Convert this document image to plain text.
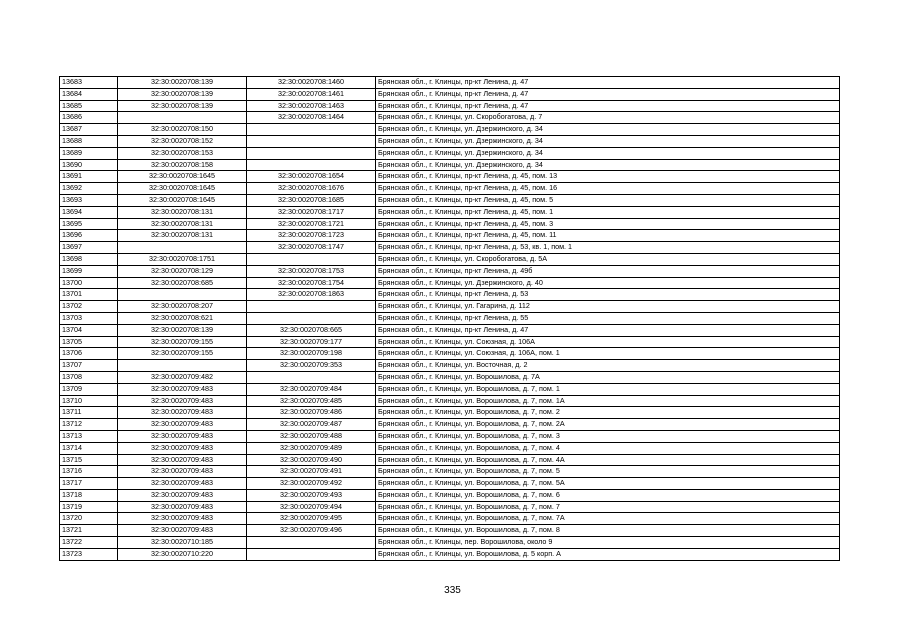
13683	32:30:0020708:139	32:30:0020708:1460	Брянская обл., г. Клинцы, пр-кт Ленина, д. 47
13684	32:30:0020708:139	32:30:0020708:1461	Брянская обл., г. Клинцы, пр-кт Ленина, д. 47
13685	32:30:0020708:139	32:30:0020708:1463	Брянская обл., г. Клинцы, пр-кт Ленина, д. 47
13686		32:30:0020708:1464	Брянская обл., г. Клинцы, ул. Скоробогатова, д. 7
13687	32:30:0020708:150		Брянская обл., г. Клинцы, ул. Дзержинского, д. 34
13688	32:30:0020708:152		Брянская обл., г. Клинцы, ул. Дзержинского, д. 34
13689	32:30:0020708:153		Брянская обл., г. Клинцы, ул. Дзержинского, д. 34
13690	32:30:0020708:158		Брянская обл., г. Клинцы, ул. Дзержинского, д. 34
13691	32:30:0020708:1645	32:30:0020708:1654	Брянская обл., г. Клинцы, пр-кт Ленина, д. 45, пом. 13
13692	32:30:0020708:1645	32:30:0020708:1676	Брянская обл., г. Клинцы, пр-кт Ленина, д. 45, пом. 16
13693	32:30:0020708:1645	32:30:0020708:1685	Брянская обл., г. Клинцы, пр-кт Ленина, д. 45, пом. 5
13694	32:30:0020708:131	32:30:0020708:1717	Брянская обл., г. Клинцы, пр-кт Ленина, д. 45, пом. 1
13695	32:30:0020708:131	32:30:0020708:1721	Брянская обл., г. Клинцы, пр-кт Ленина, д. 45, пом. 3
13696	32:30:0020708:131	32:30:0020708:1723	Брянская обл., г. Клинцы, пр-кт Ленина, д. 45, пом. 11
13697		32:30:0020708:1747	Брянская обл., г. Клинцы, пр-кт Ленина, д. 53, кв. 1, пом. 1
13698	32:30:0020708:1751		Брянская обл., г. Клинцы, ул. Скоробогатова, д. 5А
13699	32:30:0020708:129	32:30:0020708:1753	Брянская обл., г. Клинцы, пр-кт Ленина, д. 49б
13700	32:30:0020708:685	32:30:0020708:1754	Брянская обл., г. Клинцы, ул. Дзержинского, д. 40
13701		32:30:0020708:1863	Брянская обл., г. Клинцы, пр-кт Ленина, д. 53
13702	32:30:0020708:207		Брянская обл., г. Клинцы, ул. Гагарина, д. 112
13703	32:30:0020708:621		Брянская обл., г. Клинцы, пр-кт Ленина, д. 55
13704	32:30:0020708:139	32:30:0020708:665	Брянская обл., г. Клинцы, пр-кт Ленина, д. 47
13705	32:30:0020709:155	32:30:0020709:177	Брянская обл., г. Клинцы, ул. Союзная, д. 106А
13706	32:30:0020709:155	32:30:0020709:198	Брянская обл., г. Клинцы, ул. Союзная, д. 106А, пом. 1
13707		32:30:0020709:353	Брянская обл., г. Клинцы, ул. Восточная, д. 2
13708	32:30:0020709:482		Брянская обл., г. Клинцы, ул. Ворошилова, д. 7А
13709	32:30:0020709:483	32:30:0020709:484	Брянская обл., г. Клинцы, ул. Ворошилова, д. 7, пом. 1
13710	32:30:0020709:483	32:30:0020709:485	Брянская обл., г. Клинцы, ул. Ворошилова, д. 7, пом. 1А
13711	32:30:0020709:483	32:30:0020709:486	Брянская обл., г. Клинцы, ул. Ворошилова, д. 7, пом. 2
13712	32:30:0020709:483	32:30:0020709:487	Брянская обл., г. Клинцы, ул. Ворошилова, д. 7, пом. 2А
13713	32:30:0020709:483	32:30:0020709:488	Брянская обл., г. Клинцы, ул. Ворошилова, д. 7, пом. 3
13714	32:30:0020709:483	32:30:0020709:489	Брянская обл., г. Клинцы, ул. Ворошилова, д. 7, пом. 4
13715	32:30:0020709:483	32:30:0020709:490	Брянская обл., г. Клинцы, ул. Ворошилова, д. 7, пом. 4А
13716	32:30:0020709:483	32:30:0020709:491	Брянская обл., г. Клинцы, ул. Ворошилова, д. 7, пом. 5
13717	32:30:0020709:483	32:30:0020709:492	Брянская обл., г. Клинцы, ул. Ворошилова, д. 7, пом. 5А
13718	32:30:0020709:483	32:30:0020709:493	Брянская обл., г. Клинцы, ул. Ворошилова, д. 7, пом. 6
13719	32:30:0020709:483	32:30:0020709:494	Брянская обл., г. Клинцы, ул. Ворошилова, д. 7, пом. 7
13720	32:30:0020709:483	32:30:0020709:495	Брянская обл., г. Клинцы, ул. Ворошилова, д. 7, пом. 7А
13721	32:30:0020709:483	32:30:0020709:496	Брянская обл., г. Клинцы, ул. Ворошилова, д. 7, пом. 8
13722	32:30:0020710:185		Брянская обл., г. Клинцы, пер. Ворошилова, около 9
13723	32:30:0020710:220		Брянская обл., г. Клинцы, ул. Ворошилова, д. 5 корп. А
335
